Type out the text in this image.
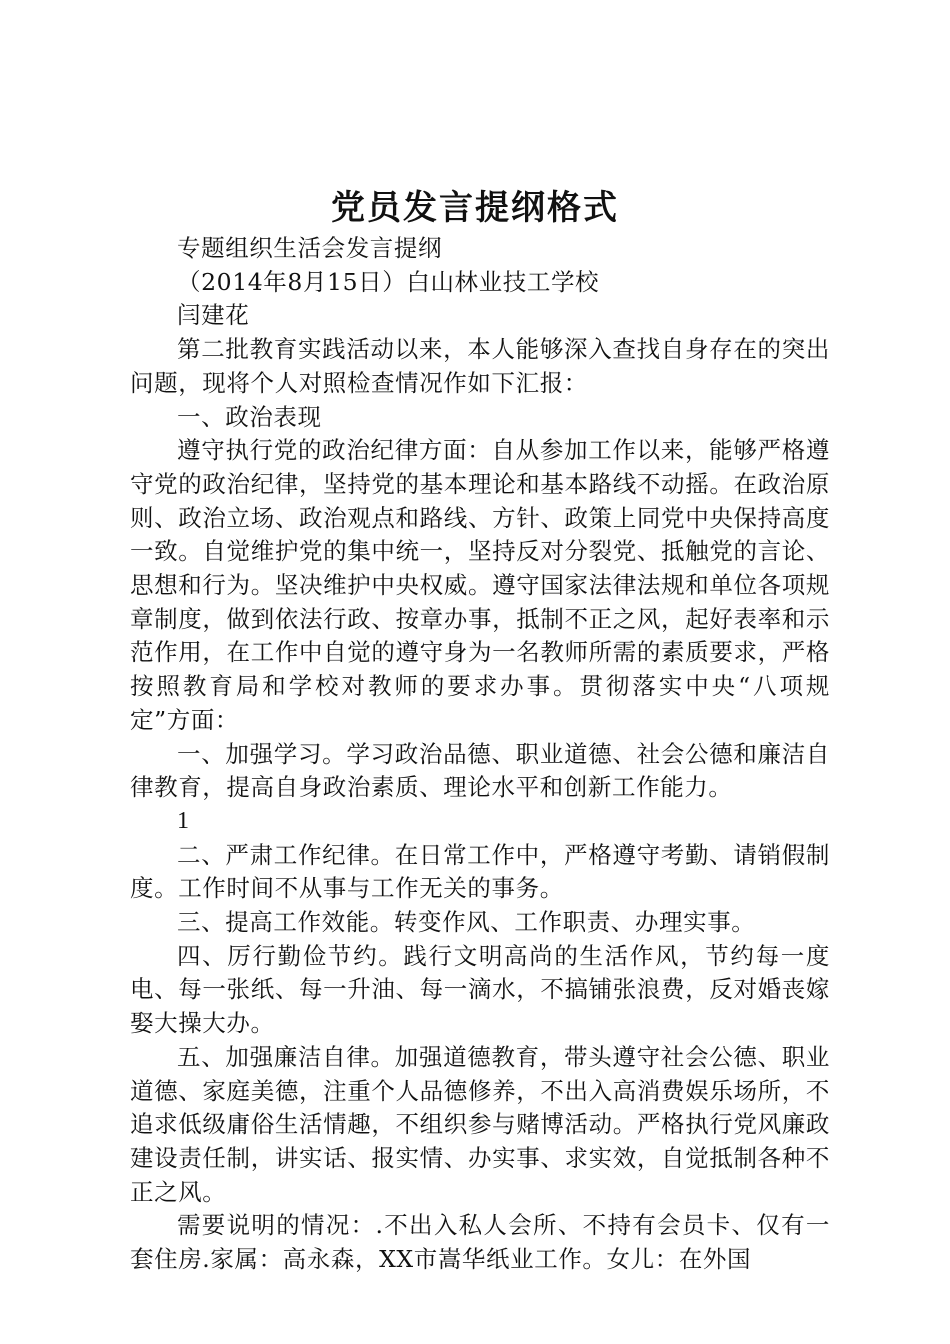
党员发言提纲格式

专题组织生活会发言提纲

（2014年8月15日）白山林业技工学校

闫建花

第二批教育实践活动以来，本人能够深入查找自身存在的突出问题，现将个人对照检查情况作如下汇报：

一、政治表现

遵守执行党的政治纪律方面：自从参加工作以来，能够严格遵守党的政治纪律，坚持党的基本理论和基本路线不动摇。在政治原则、政治立场、政治观点和路线、方针、政策上同党中央保持高度一致。自觉维护党的集中统一，坚持反对分裂党、抵触党的言论、思想和行为。坚决维护中央权威。遵守国家法律法规和单位各项规章制度，做到依法行政、按章办事，抵制不正之风，起好表率和示范作用，在工作中自觉的遵守身为一名教师所需的素质要求，严格按照教育局和学校对教师的要求办事。贯彻落实中央“八项规定”方面：

一、加强学习。学习政治品德、职业道德、社会公德和廉洁自律教育，提高自身政治素质、理论水平和创新工作能力。

1

二、严肃工作纪律。在日常工作中，严格遵守考勤、请销假制度。工作时间不从事与工作无关的事务。

三、提高工作效能。转变作风、工作职责、办理实事。

四、厉行勤俭节约。践行文明高尚的生活作风，节约每一度电、每一张纸、每一升油、每一滴水，不搞铺张浪费，反对婚丧嫁娶大操大办。

五、加强廉洁自律。加强道德教育，带头遵守社会公德、职业道德、家庭美德，注重个人品德修养，不出入高消费娱乐场所，不追求低级庸俗生活情趣，不组织参与赌博活动。严格执行党风廉政建设责任制，讲实话、报实情、办实事、求实效，自觉抵制各种不正之风。

需要说明的情况：.不出入私人会所、不持有会员卡、仅有一套住房.家属：高永森，XX市嵩华纸业工作。女儿：在外国
